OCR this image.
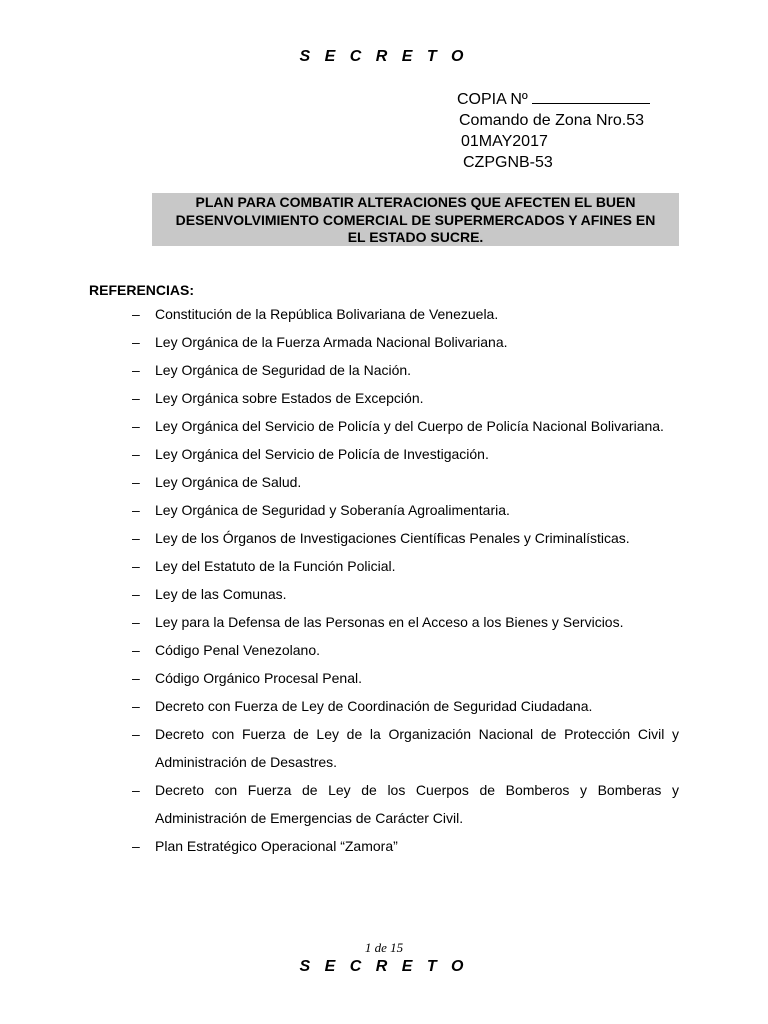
S E C R E T O
COPIA Nº
Comando de Zona Nro.53
01MAY2017
CZPGNB-53
PLAN PARA COMBATIR ALTERACIONES QUE AFECTEN EL BUEN
DESENVOLVIMIENTO COMERCIAL DE SUPERMERCADOS Y AFINES EN
EL ESTADO SUCRE.
REFERENCIAS:
– Constitución de la República Bolivariana de Venezuela.
– Ley Orgánica de la Fuerza Armada Nacional Bolivariana.
– Ley Orgánica de Seguridad de la Nación.
– Ley Orgánica sobre Estados de Excepción.
– Ley Orgánica del Servicio de Policía y del Cuerpo de Policía Nacional Bolivariana.
– Ley Orgánica del Servicio de Policía de Investigación.
– Ley Orgánica de Salud.
– Ley Orgánica de Seguridad y Soberanía Agroalimentaria.
– Ley de los Órganos de Investigaciones Científicas Penales y Criminalísticas.
– Ley del Estatuto de la Función Policial.
– Ley de las Comunas.
– Ley para la Defensa de las Personas en el Acceso a los Bienes y Servicios.
– Código Penal Venezolano.
– Código Orgánico Procesal Penal.
– Decreto con Fuerza de Ley de Coordinación de Seguridad Ciudadana.
– Decreto con Fuerza de Ley de la Organización Nacional de Protección Civil y Administración de Desastres.
– Decreto con Fuerza de Ley de los Cuerpos de Bomberos y Bomberas y Administración de Emergencias de Carácter Civil.
– Plan Estratégico Operacional “Zamora”
1 de 15
S E C R E T O
